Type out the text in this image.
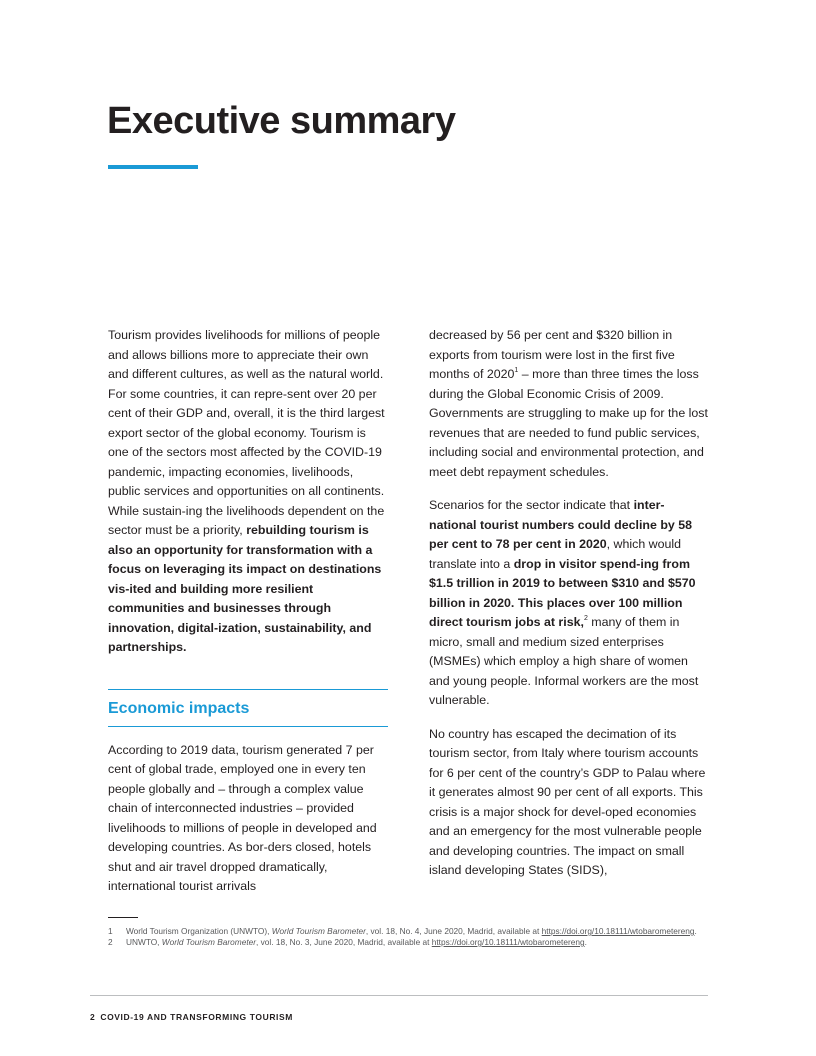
Executive summary

Tourism provides livelihoods for millions of people and allows billions more to appreciate their own and different cultures, as well as the natural world. For some countries, it can repre-sent over 20 per cent of their GDP and, overall, it is the third largest export sector of the global economy. Tourism is one of the sectors most affected by the COVID-19 pandemic, impacting economies, livelihoods, public services and opportunities on all continents. While sustain-ing the livelihoods dependent on the sector must be a priority, rebuilding tourism is also an opportunity for transformation with a focus on leveraging its impact on destinations vis-ited and building more resilient communities and businesses through innovation, digital-ization, sustainability, and partnerships.

Economic impacts

According to 2019 data, tourism generated 7 per cent of global trade, employed one in every ten people globally and – through a complex value chain of interconnected industries – provided livelihoods to millions of people in developed and developing countries. As bor-ders closed, hotels shut and air travel dropped dramatically, international tourist arrivals

decreased by 56 per cent and $320 billion in exports from tourism were lost in the first five months of 2020$^1$ – more than three times the loss during the Global Economic Crisis of 2009. Governments are struggling to make up for the lost revenues that are needed to fund public services, including social and environmental protection, and meet debt repayment schedules.

Scenarios for the sector indicate that inter-national tourist numbers could decline by 58 per cent to 78 per cent in 2020, which would translate into a drop in visitor spend-ing from $1.5 trillion in 2019 to between $310 and $570 billion in 2020. This places over 100 million direct tourism jobs at risk,$^2$ many of them in micro, small and medium sized enterprises (MSMEs) which employ a high share of women and young people. Informal workers are the most vulnerable.

No country has escaped the decimation of its tourism sector, from Italy where tourism accounts for 6 per cent of the country’s GDP to Palau where it generates almost 90 per cent of all exports. This crisis is a major shock for devel-oped economies and an emergency for the most vulnerable people and developing countries. The impact on small island developing States (SIDS),

1	World Tourism Organization (UNWTO), World Tourism Barometer, vol. 18, No. 4, June 2020, Madrid, available at https://doi.org/10.18111/wtobarometereng.
2	UNWTO, World Tourism Barometer, vol. 18, No. 3, June 2020, Madrid, available at https://doi.org/10.18111/wtobarometereng.
2 COVID-19 AND TRANSFORMING TOURISM
